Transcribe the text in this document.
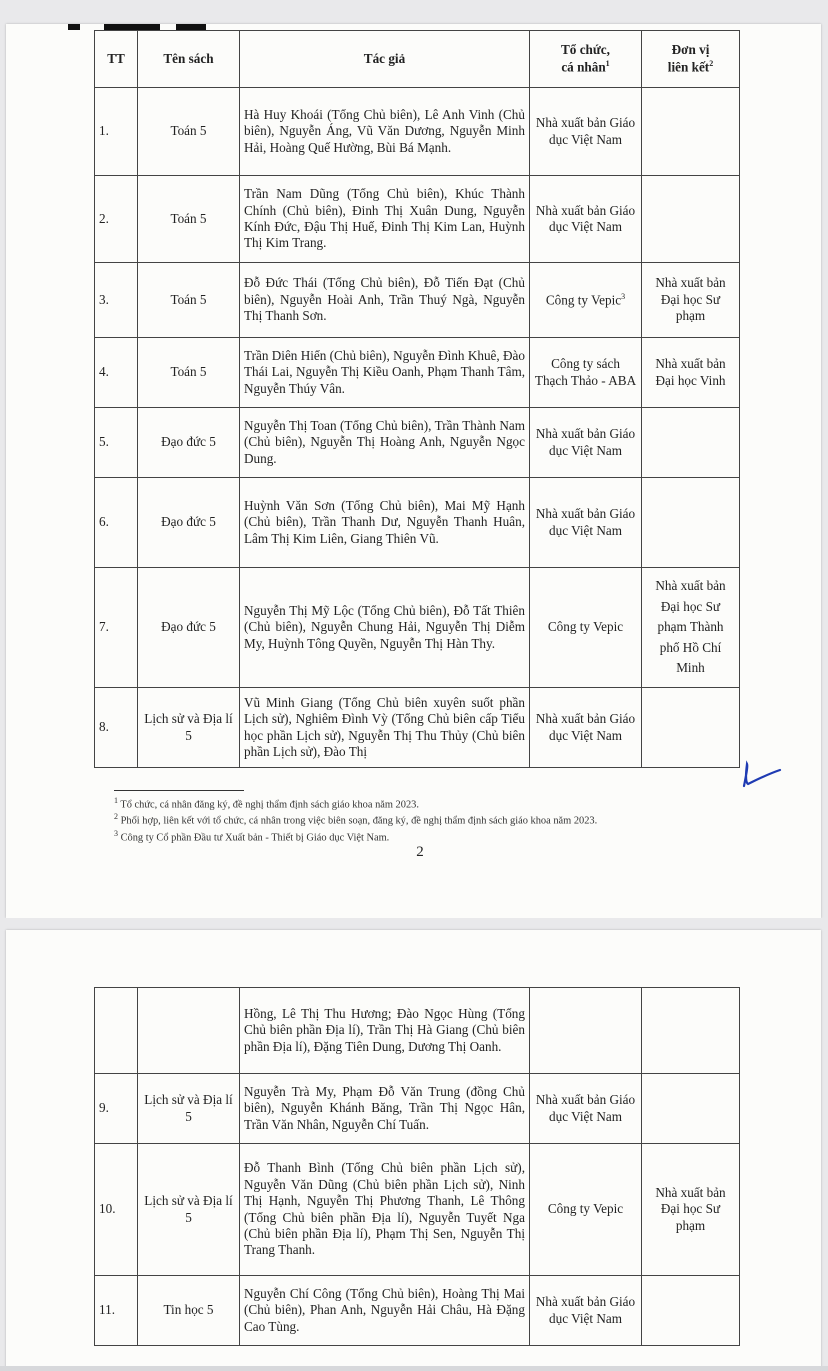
TT	Tên sách	Tác giả	Tổ chức,
cá nhân$^1$	Đơn vị
liên kết$^2$
1.	Toán 5	Hà Huy Khoái (Tổng Chủ biên), Lê Anh Vinh (Chủ biên), Nguyễn Áng, Vũ Văn Dương, Nguyễn Minh Hải, Hoàng Quế Hường, Bùi Bá Mạnh.	Nhà xuất bản Giáo dục Việt Nam	
2.	Toán 5	Trần Nam Dũng (Tổng Chủ biên), Khúc Thành Chính (Chủ biên), Đinh Thị Xuân Dung, Nguyễn Kính Đức, Đậu Thị Huế, Đinh Thị Kim Lan, Huỳnh Thị Kim Trang.	Nhà xuất bản Giáo dục Việt Nam	
3.	Toán 5	Đỗ Đức Thái (Tổng Chủ biên), Đỗ Tiến Đạt (Chủ biên), Nguyễn Hoài Anh, Trần Thuý Ngà, Nguyễn Thị Thanh Sơn.	Công ty Vepic$^3$	Nhà xuất bản Đại học Sư phạm
4.	Toán 5	Trần Diên Hiển (Chủ biên), Nguyễn Đình Khuê, Đào Thái Lai, Nguyễn Thị Kiều Oanh, Phạm Thanh Tâm, Nguyễn Thúy Vân.	Công ty sách Thạch Thảo - ABA	Nhà xuất bản Đại học Vinh
5.	Đạo đức 5	Nguyễn Thị Toan (Tổng Chủ biên), Trần Thành Nam (Chủ biên), Nguyễn Thị Hoàng Anh, Nguyễn Ngọc Dung.	Nhà xuất bản Giáo dục Việt Nam	
6.	Đạo đức 5	Huỳnh Văn Sơn (Tổng Chủ biên), Mai Mỹ Hạnh (Chủ biên), Trần Thanh Dư, Nguyễn Thanh Huân, Lâm Thị Kim Liên, Giang Thiên Vũ.	Nhà xuất bản Giáo dục Việt Nam	
7.	Đạo đức 5	Nguyễn Thị Mỹ Lộc (Tổng Chủ biên), Đỗ Tất Thiên (Chủ biên), Nguyễn Chung Hải, Nguyễn Thị Diễm My, Huỳnh Tông Quyền, Nguyễn Thị Hàn Thy.	Công ty Vepic	Nhà xuất bản Đại học Sư phạm Thành phố Hồ Chí Minh
8.	Lịch sử và Địa lí 5	Vũ Minh Giang (Tổng Chủ biên xuyên suốt phần Lịch sử), Nghiêm Đình Vỳ (Tổng Chủ biên cấp Tiểu học phần Lịch sử), Nguyễn Thị Thu Thủy (Chủ biên phần Lịch sử), Đào Thị	Nhà xuất bản Giáo dục Việt Nam	
$^1$ Tổ chức, cá nhân đăng ký, đề nghị thẩm định sách giáo khoa năm 2023.
$^2$ Phối hợp, liên kết với tổ chức, cá nhân trong việc biên soạn, đăng ký, đề nghị thẩm định sách giáo khoa năm 2023.
$^3$ Công ty Cổ phần Đầu tư Xuất bản - Thiết bị Giáo dục Việt Nam.
2
		Hồng, Lê Thị Thu Hương; Đào Ngọc Hùng (Tổng Chủ biên phần Địa lí), Trần Thị Hà Giang (Chủ biên phần Địa lí), Đặng Tiên Dung, Dương Thị Oanh.		
9.	Lịch sử và Địa lí 5	Nguyễn Trà My, Phạm Đỗ Văn Trung (đồng Chủ biên), Nguyễn Khánh Băng, Trần Thị Ngọc Hân, Trần Văn Nhân, Nguyễn Chí Tuấn.	Nhà xuất bản Giáo dục Việt Nam	
10.	Lịch sử và Địa lí 5	Đỗ Thanh Bình (Tổng Chủ biên phần Lịch sử), Nguyễn Văn Dũng (Chủ biên phần Lịch sử), Ninh Thị Hạnh, Nguyễn Thị Phương Thanh, Lê Thông (Tổng Chủ biên phần Địa lí), Nguyễn Tuyết Nga (Chủ biên phần Địa lí), Phạm Thị Sen, Nguyễn Thị Trang Thanh.	Công ty Vepic	Nhà xuất bản Đại học Sư phạm
11.	Tin học 5	Nguyễn Chí Công (Tổng Chủ biên), Hoàng Thị Mai (Chủ biên), Phan Anh, Nguyễn Hải Châu, Hà Đặng Cao Tùng.	Nhà xuất bản Giáo dục Việt Nam	
